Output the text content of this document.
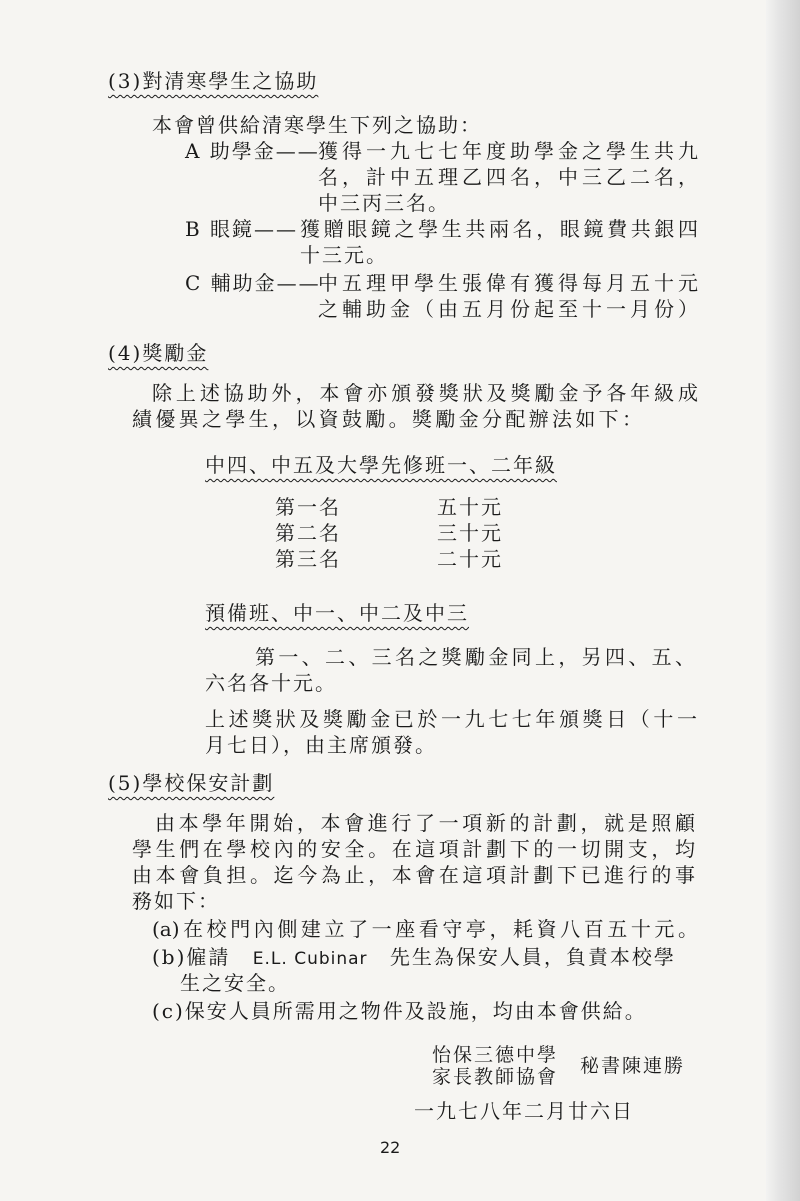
(3)對清寒學生之協助
本會曾供給清寒學生下列之協助：
A 助學金——
獲得一九七七年度助學金之學生共九
名，計中五理乙四名，中三乙二名，
中三丙三名。
B 眼鏡—— 獲贈眼鏡之學生共兩名，眼鏡費共銀四
十三元。
C 輔助金——
中五理甲學生張偉有獲得每月五十元
之輔助金（由五月份起至十一月份）
(4)獎勵金
除上述協助外，本會亦頒發獎狀及獎勵金予各年級成
績優異之學生，以資鼓勵。獎勵金分配辦法如下：
中四、中五及大學先修班一、二年級
第一名	五十元
第二名	三十元
第三名	二十元
預備班、中一、中二及中三
第一、二、三名之獎勵金同上，另四、五、
六名各十元。
上述獎狀及獎勵金已於一九七七年頒獎日（十一
月七日），由主席頒發。
(5)學校保安計劃
由本學年開始，本會進行了一項新的計劃，就是照顧
學生們在學校內的安全。在這項計劃下的一切開支，均
由本會負担。迄今為止，本會在這項計劃下已進行的事
務如下：
(a)在校門內側建立了一座看守亭，耗資八百五十元。
(b)僱請 E.L. Cubinar 先生為保安人員，負責本校學
生之安全。
(c)保安人員所需用之物件及設施，均由本會供給。
怡保三德中學
家長教師協會 秘書陳連勝
一九七八年二月廿六日
22
